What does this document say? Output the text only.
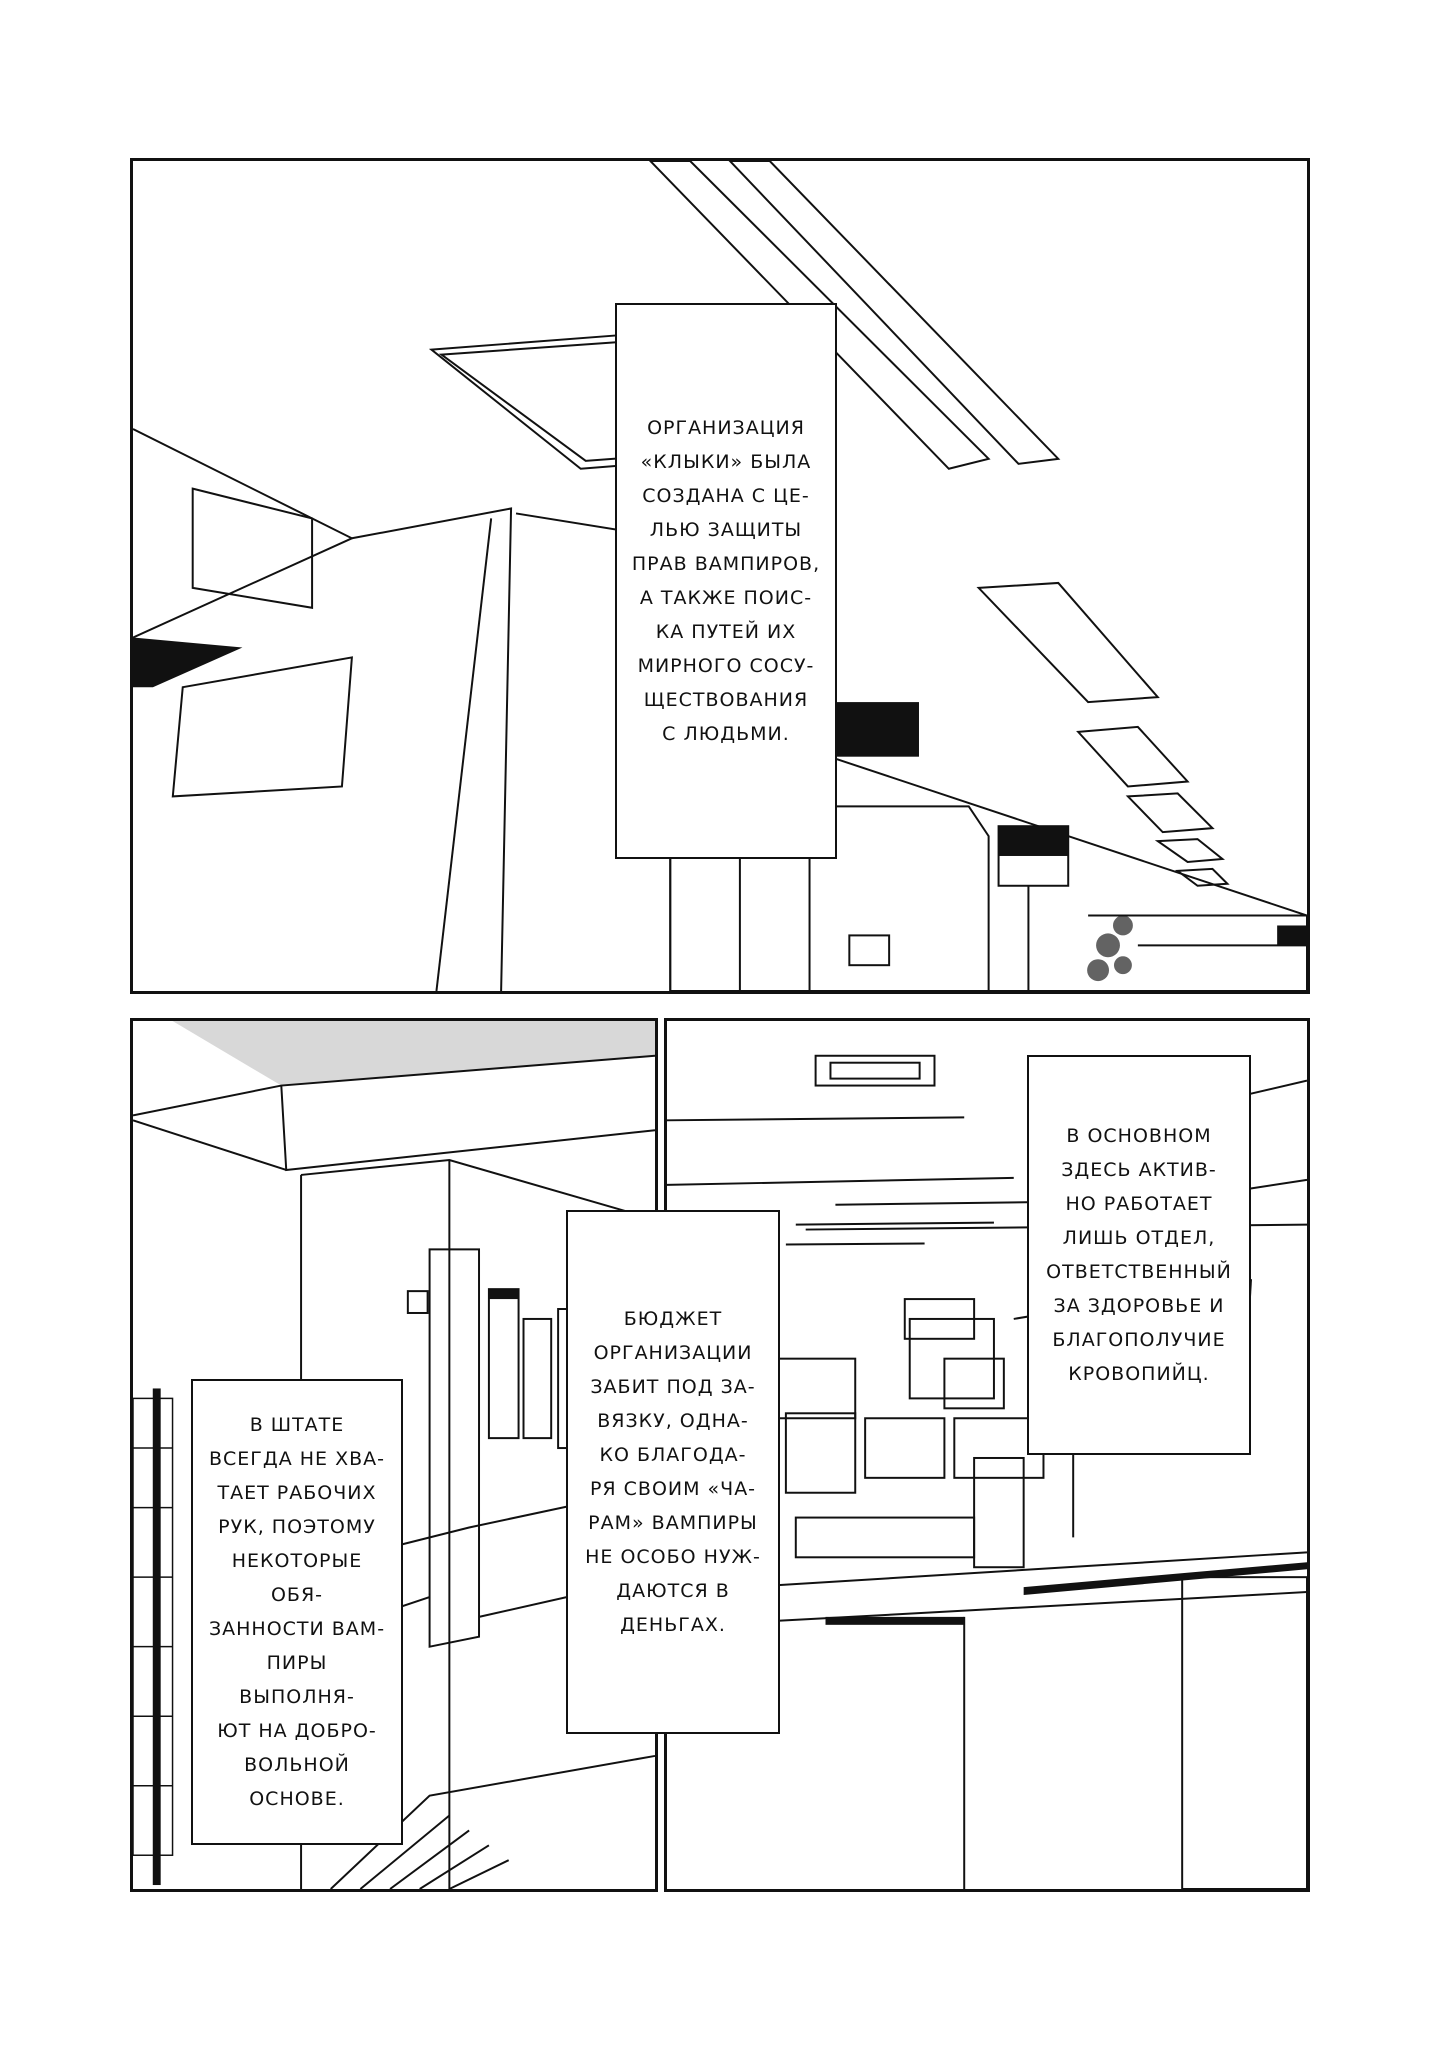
ОРГАНИЗАЦИЯ
«КЛЫКИ» БЫЛА
СОЗДАНА С ЦЕ-
ЛЬЮ ЗАЩИТЫ
ПРАВ ВАМПИРОВ,
А ТАКЖЕ ПОИС-
КА ПУТЕЙ ИХ
МИРНОГО СОСУ-
ЩЕСТВОВАНИЯ
С ЛЮДЬМИ.
В ШТАТЕ
ВСЕГДА НЕ ХВА-
ТАЕТ РАБОЧИХ
РУК, ПОЭТОМУ
НЕКОТОРЫЕ ОБЯ-
ЗАННОСТИ ВАМ-
ПИРЫ ВЫПОЛНЯ-
ЮТ НА ДОБРО-
ВОЛЬНОЙ ОСНОВЕ.
В ОСНОВНОМ
ЗДЕСЬ АКТИВ-
НО РАБОТАЕТ
ЛИШЬ ОТДЕЛ,
ОТВЕТСТВЕННЫЙ
ЗА ЗДОРОВЬЕ И
БЛАГОПОЛУЧИЕ
КРОВОПИЙЦ.
БЮДЖЕТ
ОРГАНИЗАЦИИ
ЗАБИТ ПОД ЗА-
ВЯЗКУ, ОДНА-
КО БЛАГОДА-
РЯ СВОИМ «ЧА-
РАМ» ВАМПИРЫ
НЕ ОСОБО НУЖ-
ДАЮТСЯ В
ДЕНЬГАХ.
